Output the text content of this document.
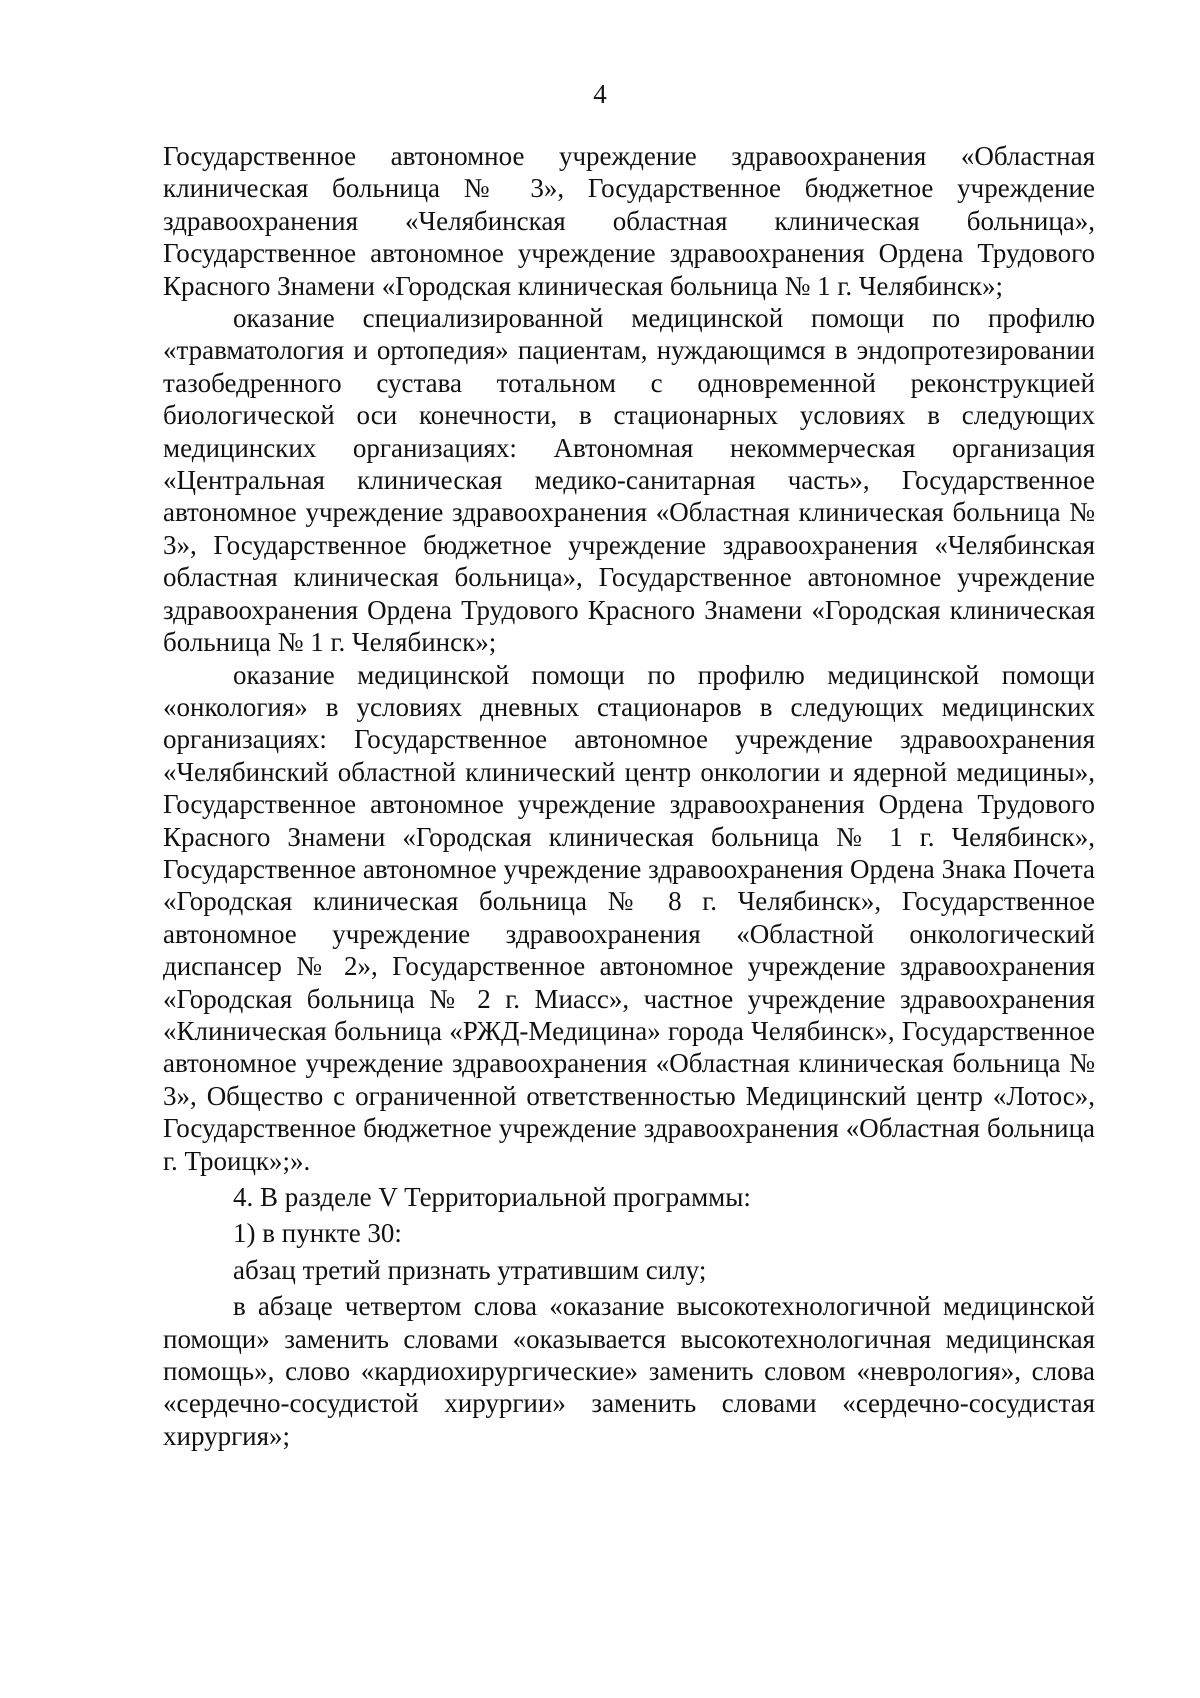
4

Государственное автономное учреждение здравоохранения «Областная клиническая больница № 3», Государственное бюджетное учреждение здравоохранения «Челябинская областная клиническая больница», Государственное автономное учреждение здравоохранения Ордена Трудового Красного Знамени «Городская клиническая больница № 1 г. Челябинск»;

оказание специализированной медицинской помощи по профилю «травматология и ортопедия» пациентам, нуждающимся в эндопротезировании тазобедренного сустава тотальном с одновременной реконструкцией биологической оси конечности, в стационарных условиях в следующих медицинских организациях: Автономная некоммерческая организация «Центральная клиническая медико-санитарная часть», Государственное автономное учреждение здравоохранения «Областная клиническая больница № 3», Государственное бюджетное учреждение здравоохранения «Челябинская областная клиническая больница», Государственное автономное учреждение здравоохранения Ордена Трудового Красного Знамени «Городская клиническая больница № 1 г. Челябинск»;

оказание медицинской помощи по профилю медицинской помощи «онкология» в условиях дневных стационаров в следующих медицинских организациях: Государственное автономное учреждение здравоохранения «Челябинский областной клинический центр онкологии и ядерной медицины», Государственное автономное учреждение здравоохранения Ордена Трудового Красного Знамени «Городская клиническая больница № 1 г. Челябинск», Государственное автономное учреждение здравоохранения Ордена Знака Почета «Городская клиническая больница № 8 г. Челябинск», Государственное автономное учреждение здравоохранения «Областной онкологический диспансер № 2», Государственное автономное учреждение здравоохранения «Городская больница № 2 г. Миасс», частное учреждение здравоохранения «Клиническая больница «РЖД-Медицина» города Челябинск», Государственное автономное учреждение здравоохранения «Областная клиническая больница № 3», Общество с ограниченной ответственностью Медицинский центр «Лотос», Государственное бюджетное учреждение здравоохранения «Областная больница г. Троицк»;».

4. В разделе V Территориальной программы:

1) в пункте 30:

абзац третий признать утратившим силу;

в абзаце четвертом слова «оказание высокотехнологичной медицинской помощи» заменить словами «оказывается высокотехнологичная медицинская помощь», слово «кардиохирургические» заменить словом «неврология», слова «сердечно-сосудистой хирургии» заменить словами «сердечно-сосудистая хирургия»;
